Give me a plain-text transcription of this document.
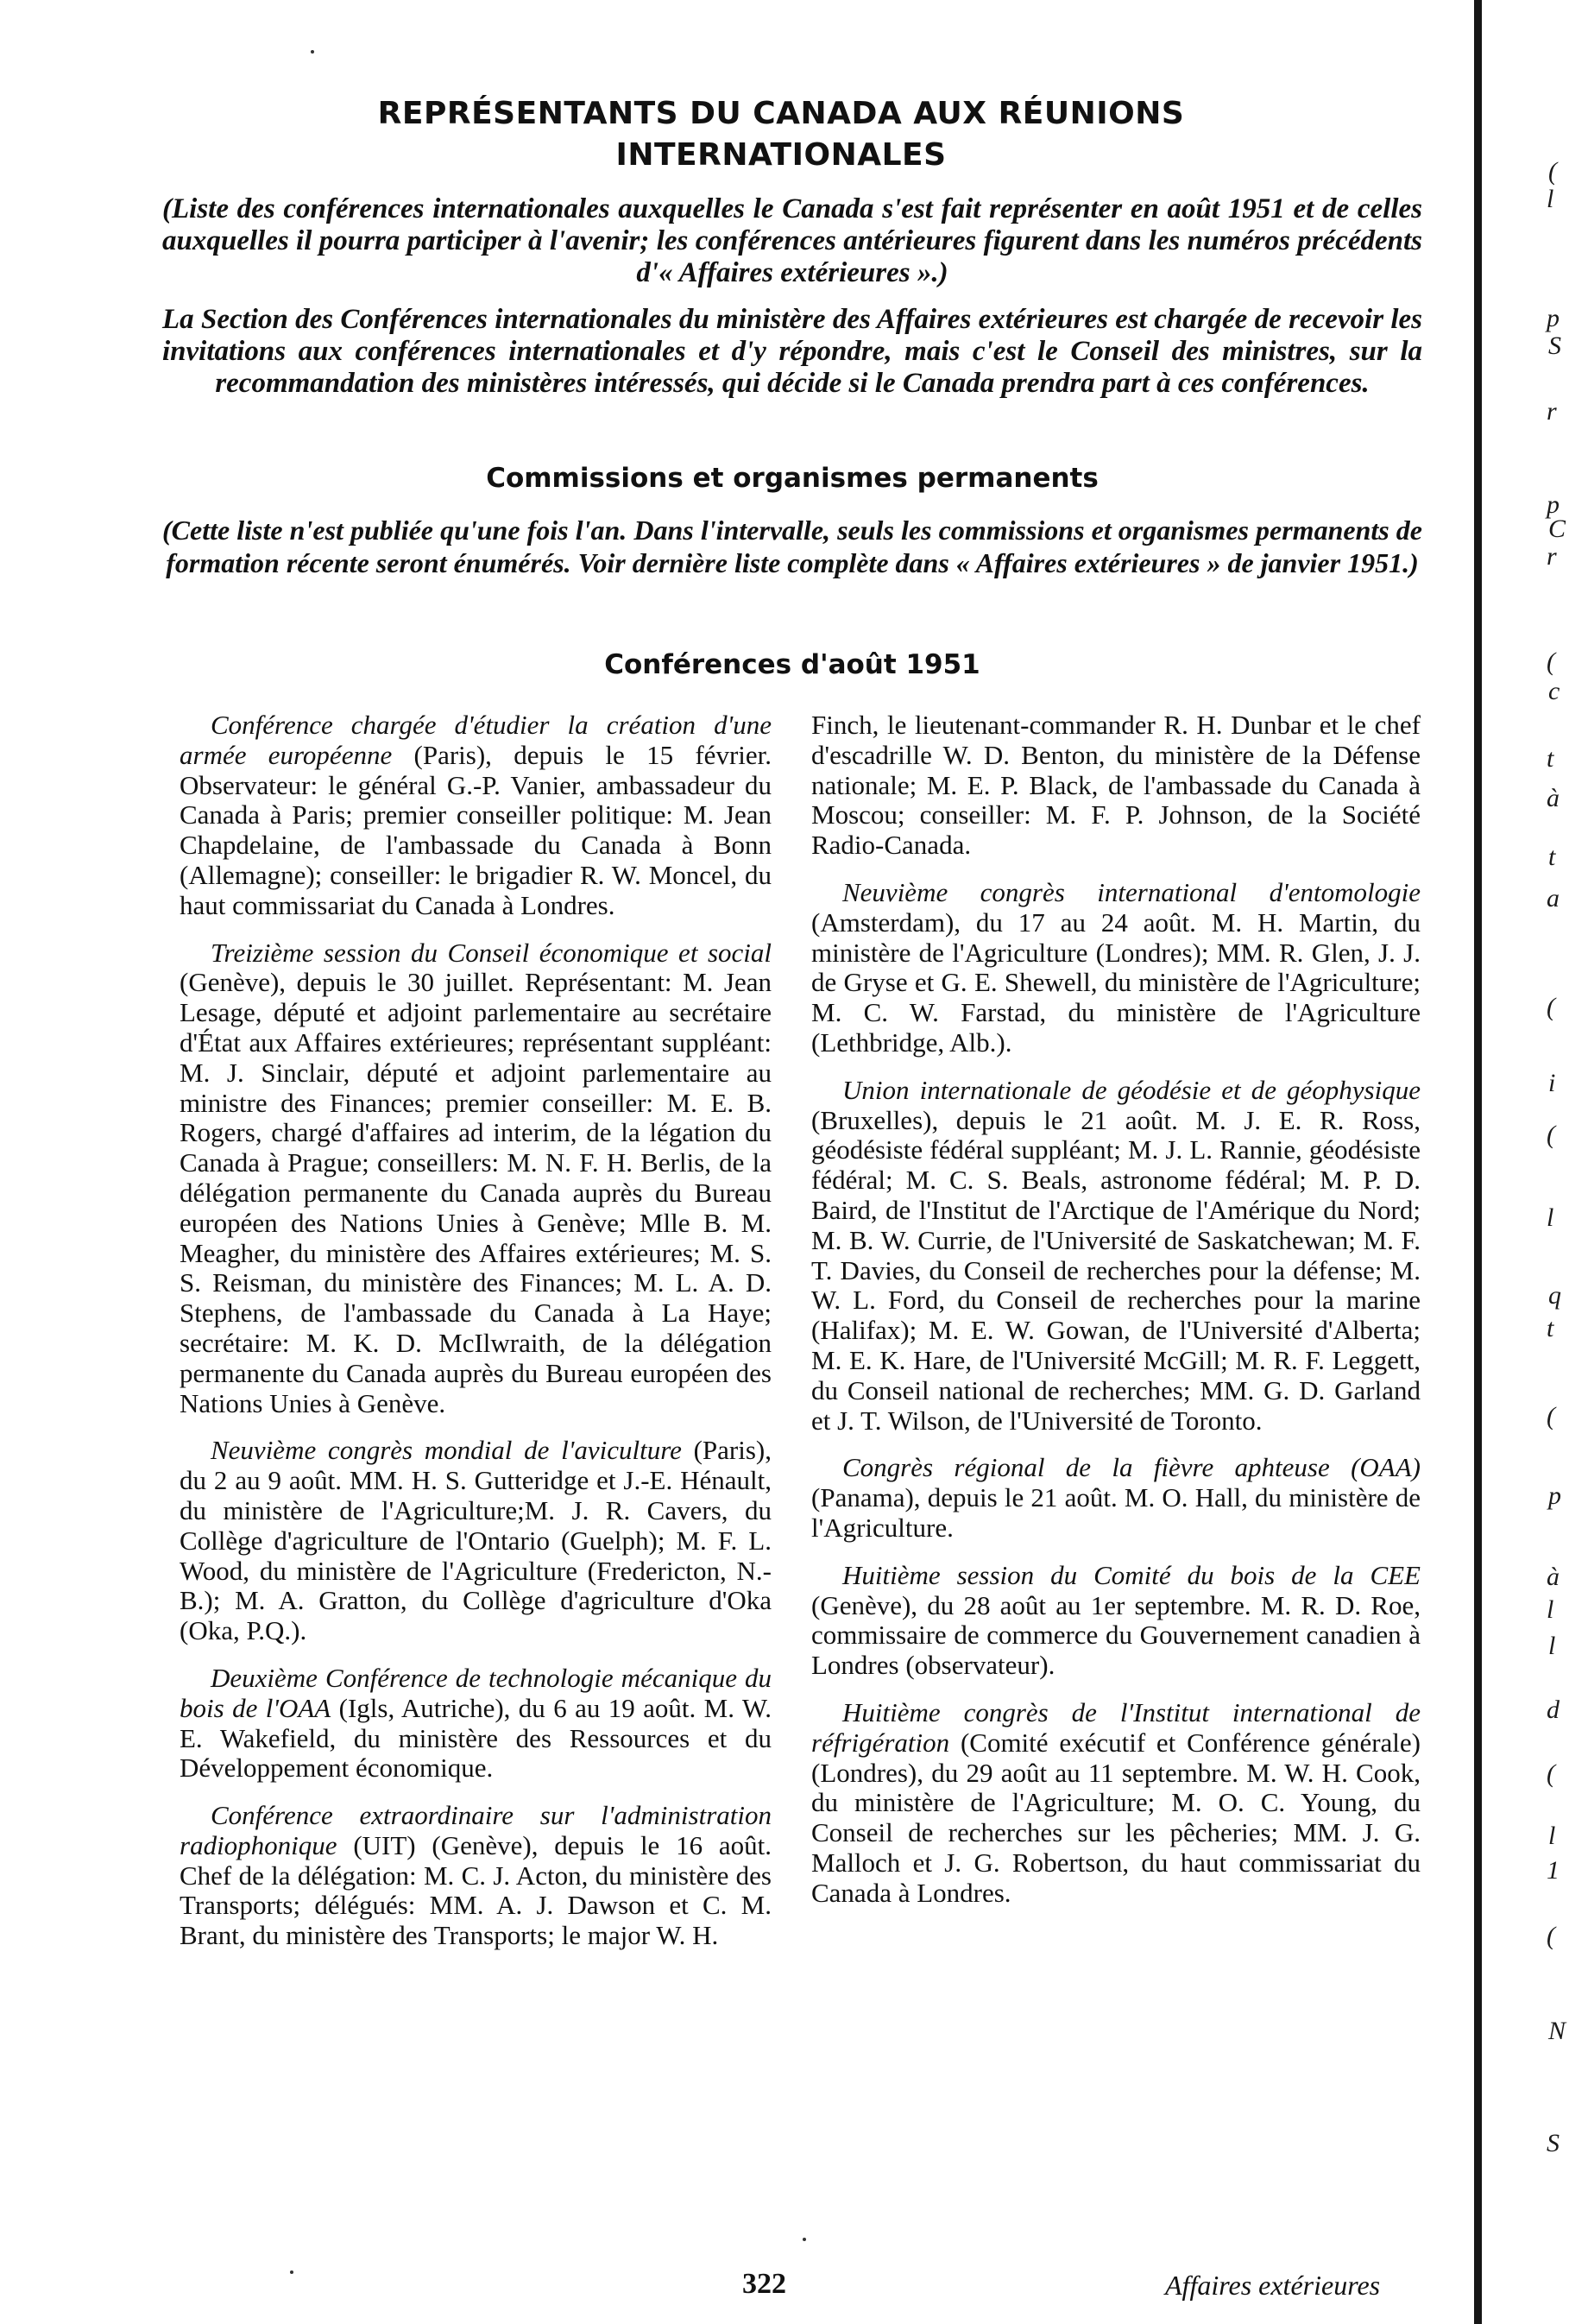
REPRÉSENTANTS DU CANADA AUX RÉUNIONS
INTERNATIONALES

(Liste des conférences internationales auxquelles le Canada s'est fait représenter en août 1951 et de celles auxquelles il pourra participer à l'avenir; les conférences antérieures figurent dans les numéros précédents d'« Affaires extérieures ».)

La Section des Conférences internationales du ministère des Affaires extérieures est chargée de recevoir les invitations aux conférences internationales et d'y répondre, mais c'est le Conseil des ministres, sur la recommandation des ministères intéressés, qui décide si le Canada prendra part à ces conférences.

Commissions et organismes permanents

(Cette liste n'est publiée qu'une fois l'an. Dans l'intervalle, seuls les commissions et organismes permanents de formation récente seront énumérés. Voir dernière liste complète dans « Affaires extérieures » de janvier 1951.)

Conférences d'août 1951

Conférence chargée d'étudier la création d'une armée européenne (Paris), depuis le 15 février. Observateur: le général G.-P. Vanier, ambassadeur du Canada à Paris; premier conseiller politique: M. Jean Chapdelaine, de l'ambassade du Canada à Bonn (Allemagne); conseiller: le brigadier R. W. Moncel, du haut commissariat du Canada à Londres.

Treizième session du Conseil économique et social (Genève), depuis le 30 juillet. Représentant: M. Jean Lesage, député et adjoint parlementaire au secrétaire d'État aux Affaires extérieures; représentant suppléant: M. J. Sinclair, député et adjoint parlementaire au ministre des Finances; premier conseiller: M. E. B. Rogers, chargé d'affaires ad interim, de la légation du Canada à Prague; conseillers: M. N. F. H. Berlis, de la délégation permanente du Canada auprès du Bureau européen des Nations Unies à Genève; Mlle B. M. Meagher, du ministère des Affaires extérieures; M. S. S. Reisman, du ministère des Finances; M. L. A. D. Stephens, de l'ambassade du Canada à La Haye; secrétaire: M. K. D. McIlwraith, de la délégation permanente du Canada auprès du Bureau européen des Nations Unies à Genève.

Neuvième congrès mondial de l'aviculture (Paris), du 2 au 9 août. MM. H. S. Gutteridge et J.-E. Hénault, du ministère de l'Agriculture;M. J. R. Cavers, du Collège d'agriculture de l'Ontario (Guelph); M. F. L. Wood, du ministère de l'Agriculture (Fredericton, N.-B.); M. A. Gratton, du Collège d'agriculture d'Oka (Oka, P.Q.).

Deuxième Conférence de technologie mécanique du bois de l'OAA (Igls, Autriche), du 6 au 19 août. M. W. E. Wakefield, du ministère des Ressources et du Développement économique.

Conférence extraordinaire sur l'administration radiophonique (UIT) (Genève), depuis le 16 août. Chef de la délégation: M. C. J. Acton, du ministère des Transports; délégués: MM. A. J. Dawson et C. M. Brant, du ministère des Transports; le major W. H.

Finch, le lieutenant-commander R. H. Dunbar et le chef d'escadrille W. D. Benton, du ministère de la Défense nationale; M. E. P. Black, de l'ambassade du Canada à Moscou; conseiller: M. F. P. Johnson, de la Société Radio-Canada.

Neuvième congrès international d'entomologie (Amsterdam), du 17 au 24 août. M. H. Martin, du ministère de l'Agriculture (Londres); MM. R. Glen, J. J. de Gryse et G. E. Shewell, du ministère de l'Agriculture; M. C. W. Farstad, du ministère de l'Agriculture (Lethbridge, Alb.).

Union internationale de géodésie et de géophysique (Bruxelles), depuis le 21 août. M. J. E. R. Ross, géodésiste fédéral suppléant; M. J. L. Rannie, géodésiste fédéral; M. C. S. Beals, astronome fédéral; M. P. D. Baird, de l'Institut de l'Arctique de l'Amérique du Nord; M. B. W. Currie, de l'Université de Saskatchewan; M. F. T. Davies, du Conseil de recherches pour la défense; M. W. L. Ford, du Conseil de recherches pour la marine (Halifax); M. E. W. Gowan, de l'Université d'Alberta; M. E. K. Hare, de l'Université McGill; M. R. F. Leggett, du Conseil national de recherches; MM. G. D. Garland et J. T. Wilson, de l'Université de Toronto.

Congrès régional de la fièvre aphteuse (OAA) (Panama), depuis le 21 août. M. O. Hall, du ministère de l'Agriculture.

Huitième session du Comité du bois de la CEE (Genève), du 28 août au 1er septembre. M. R. D. Roe, commissaire de commerce du Gouvernement canadien à Londres (observateur).

Huitième congrès de l'Institut international de réfrigération (Comité exécutif et Conférence générale) (Londres), du 29 août au 11 septembre. M. W. H. Cook, du ministère de l'Agriculture; M. O. C. Young, du Conseil de recherches sur les pêcheries; MM. J. G. Malloch et J. G. Robertson, du haut commissariat du Canada à Londres.

322	Affaires extérieures
(
l
p
S
r
p
C
r
(
c
t
à
t
a
(
i
(
l
q
t
(
p
à
l
l
d
(
l
1
(
N
S
